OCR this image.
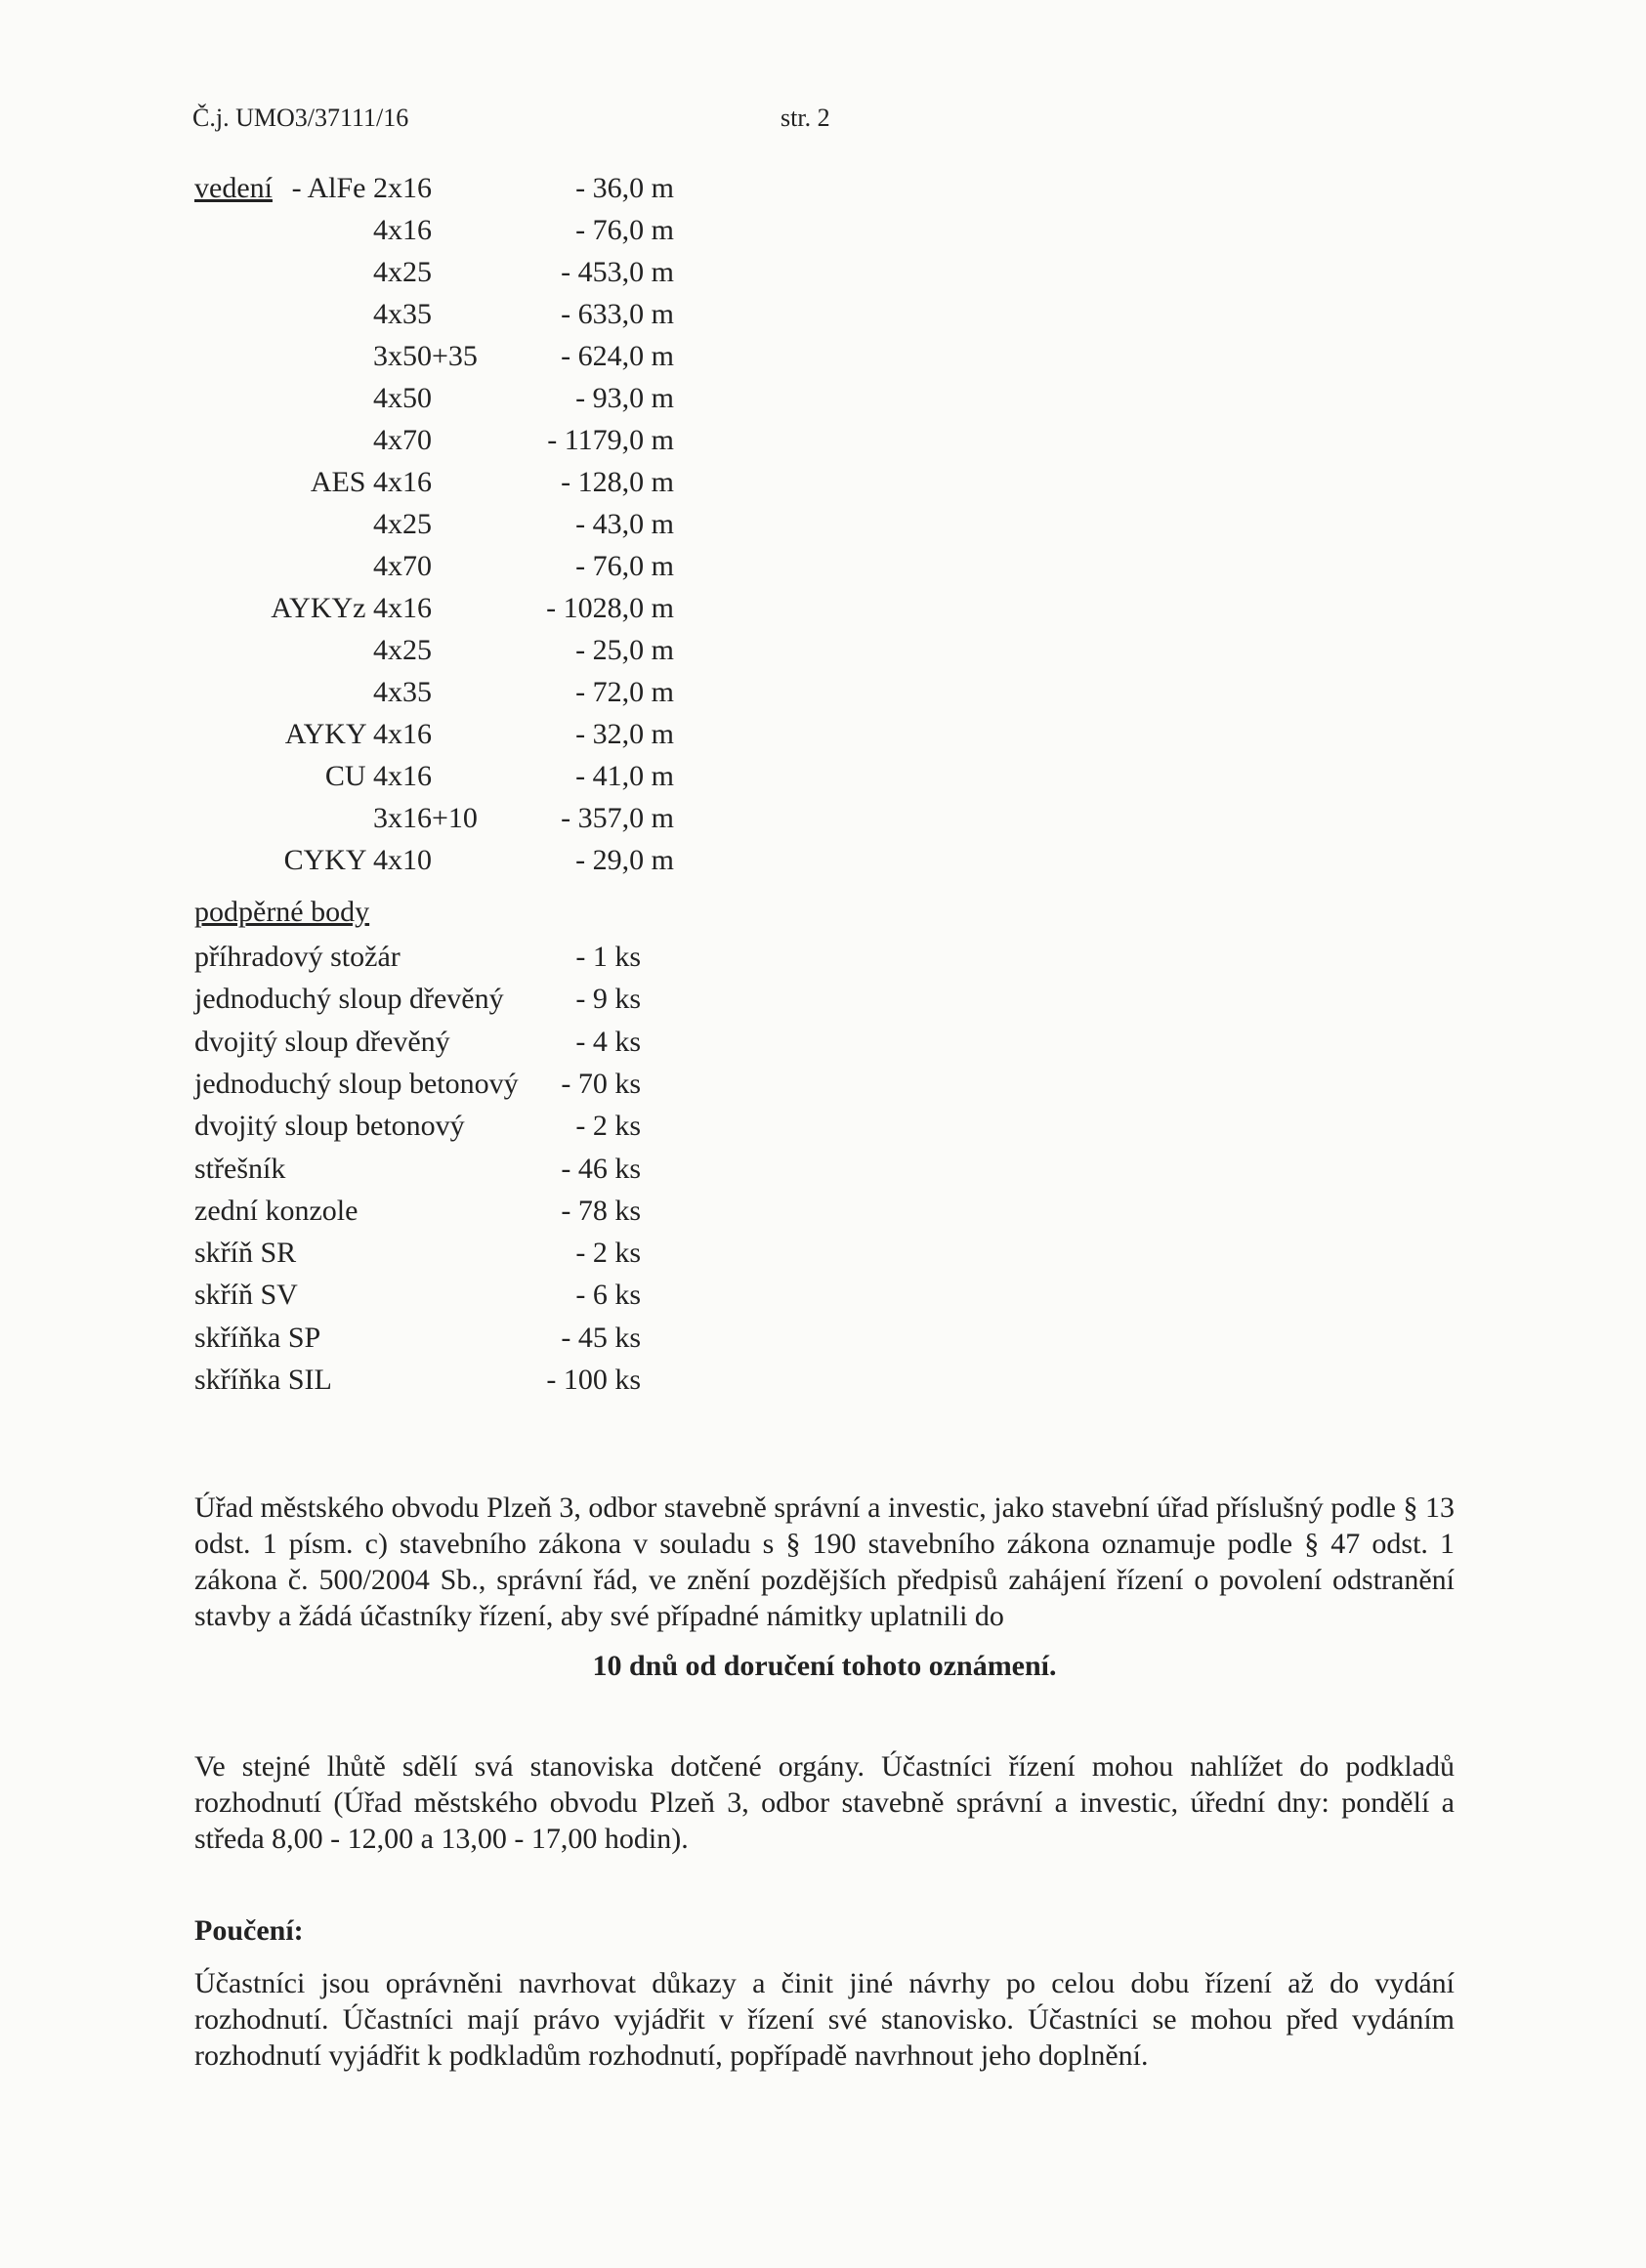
Č.j. UMO3/37111/16	str. 2
vedení - AlFe 2x16	- 36,0 m
4x16	- 76,0 m
4x25	- 453,0 m
4x35	- 633,0 m
3x50+35	- 624,0 m
4x50	- 93,0 m
4x70	- 1179,0 m
AES 4x16	- 128,0 m
4x25	- 43,0 m
4x70	- 76,0 m
AYKYz 4x16	- 1028,0 m
4x25	- 25,0 m
4x35	- 72,0 m
AYKY 4x16	- 32,0 m
CU 4x16	- 41,0 m
3x16+10	- 357,0 m
CYKY 4x10	- 29,0 m
podpěrné body
příhradový stožár	- 1 ks
jednoduchý sloup dřevěný - 9 ks
dvojitý sloup dřevěný	- 4 ks
jednoduchý sloup betonový - 70 ks
dvojitý sloup betonový	- 2 ks
střešník	- 46 ks
zední konzole	- 78 ks
skříň SR	- 2 ks
skříň SV	- 6 ks
skříňka SP	- 45 ks
skříňka SIL	- 100 ks
Úřad městského obvodu Plzeň 3, odbor stavebně správní a investic, jako stavební úřad příslušný podle § 13 odst. 1 písm. c) stavebního zákona v souladu s § 190 stavebního zákona oznamuje podle § 47 odst. 1 zákona č. 500/2004 Sb., správní řád, ve znění pozdějších předpisů zahájení řízení o povolení odstranění stavby a žádá účastníky řízení, aby své případné námitky uplatnili do
10 dnů od doručení tohoto oznámení.
Ve stejné lhůtě sdělí svá stanoviska dotčené orgány. Účastníci řízení mohou nahlížet do podkladů rozhodnutí (Úřad městského obvodu Plzeň 3, odbor stavebně správní a investic, úřední dny: pondělí a středa 8,00 - 12,00 a 13,00 - 17,00 hodin).
Poučení:
Účastníci jsou oprávněni navrhovat důkazy a činit jiné návrhy po celou dobu řízení až do vydání rozhodnutí. Účastníci mají právo vyjádřit v řízení své stanovisko. Účastníci se mohou před vydáním rozhodnutí vyjádřit k podkladům rozhodnutí, popřípadě navrhnout jeho doplnění.
